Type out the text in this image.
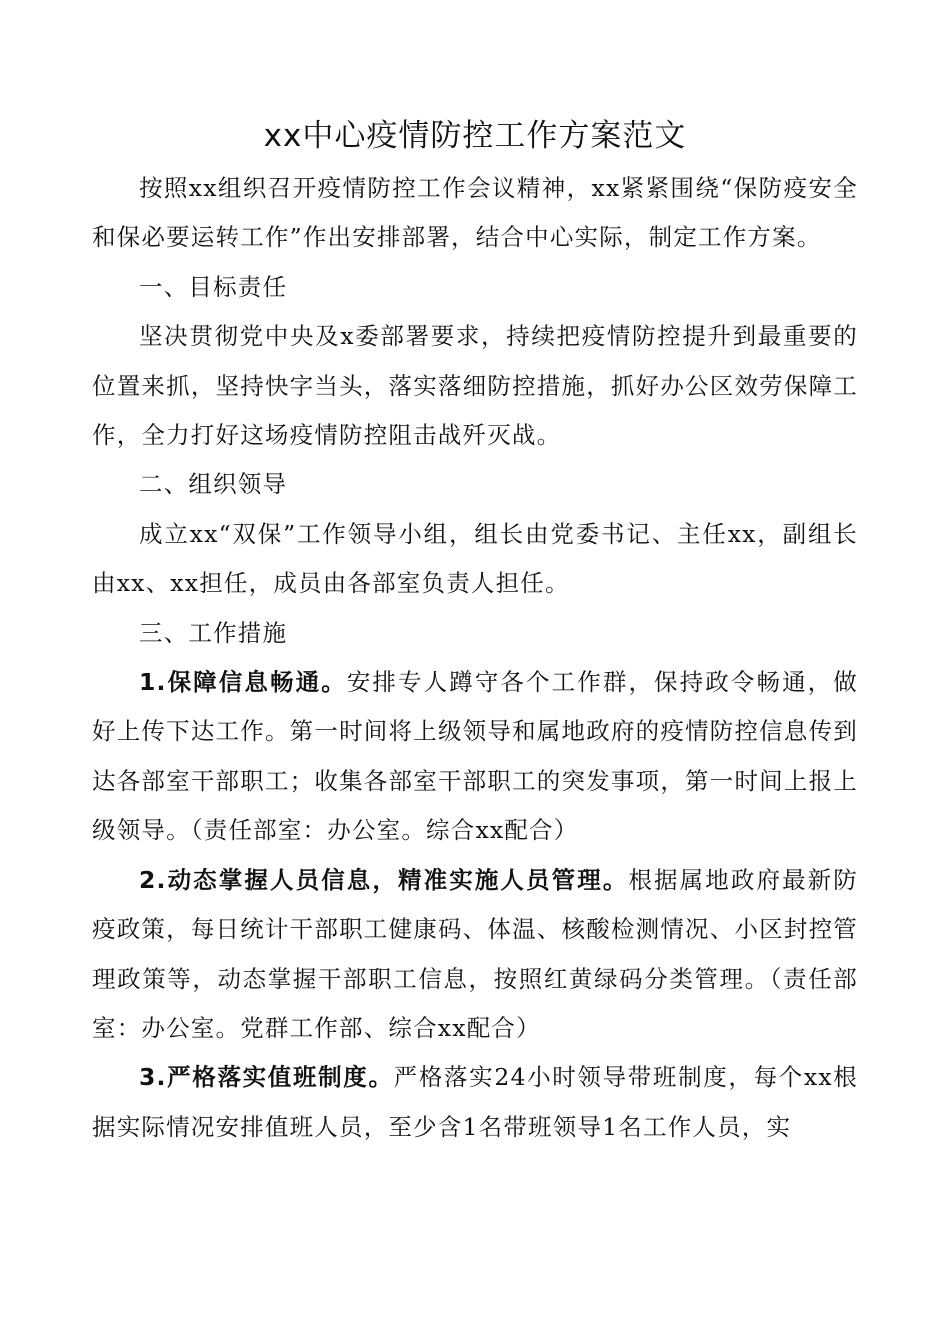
xx中心疫情防控工作方案范文

按照xx组织召开疫情防控工作会议精神，xx紧紧围绕“保防疫安全和保必要运转工作”作出安排部署，结合中心实际，制定工作方案。

一、目标责任

坚决贯彻党中央及x委部署要求，持续把疫情防控提升到最重要的位置来抓，坚持快字当头，落实落细防控措施，抓好办公区效劳保障工作，全力打好这场疫情防控阻击战歼灭战。

二、组织领导

成立xx“双保”工作领导小组，组长由党委书记、主任xx，副组长由xx、xx担任，成员由各部室负责人担任。

三、工作措施

1.保障信息畅通。安排专人蹲守各个工作群，保持政令畅通，做好上传下达工作。第一时间将上级领导和属地政府的疫情防控信息传到达各部室干部职工；收集各部室干部职工的突发事项，第一时间上报上级领导。（责任部室：办公室。综合xx配合）

2.动态掌握人员信息，精准实施人员管理。根据属地政府最新防疫政策，每日统计干部职工健康码、体温、核酸检测情况、小区封控管理政策等，动态掌握干部职工信息，按照红黄绿码分类管理。（责任部室：办公室。党群工作部、综合xx配合）

3.严格落实值班制度。严格落实24小时领导带班制度，每个xx根据实际情况安排值班人员，至少含1名带班领导1名工作人员，实
